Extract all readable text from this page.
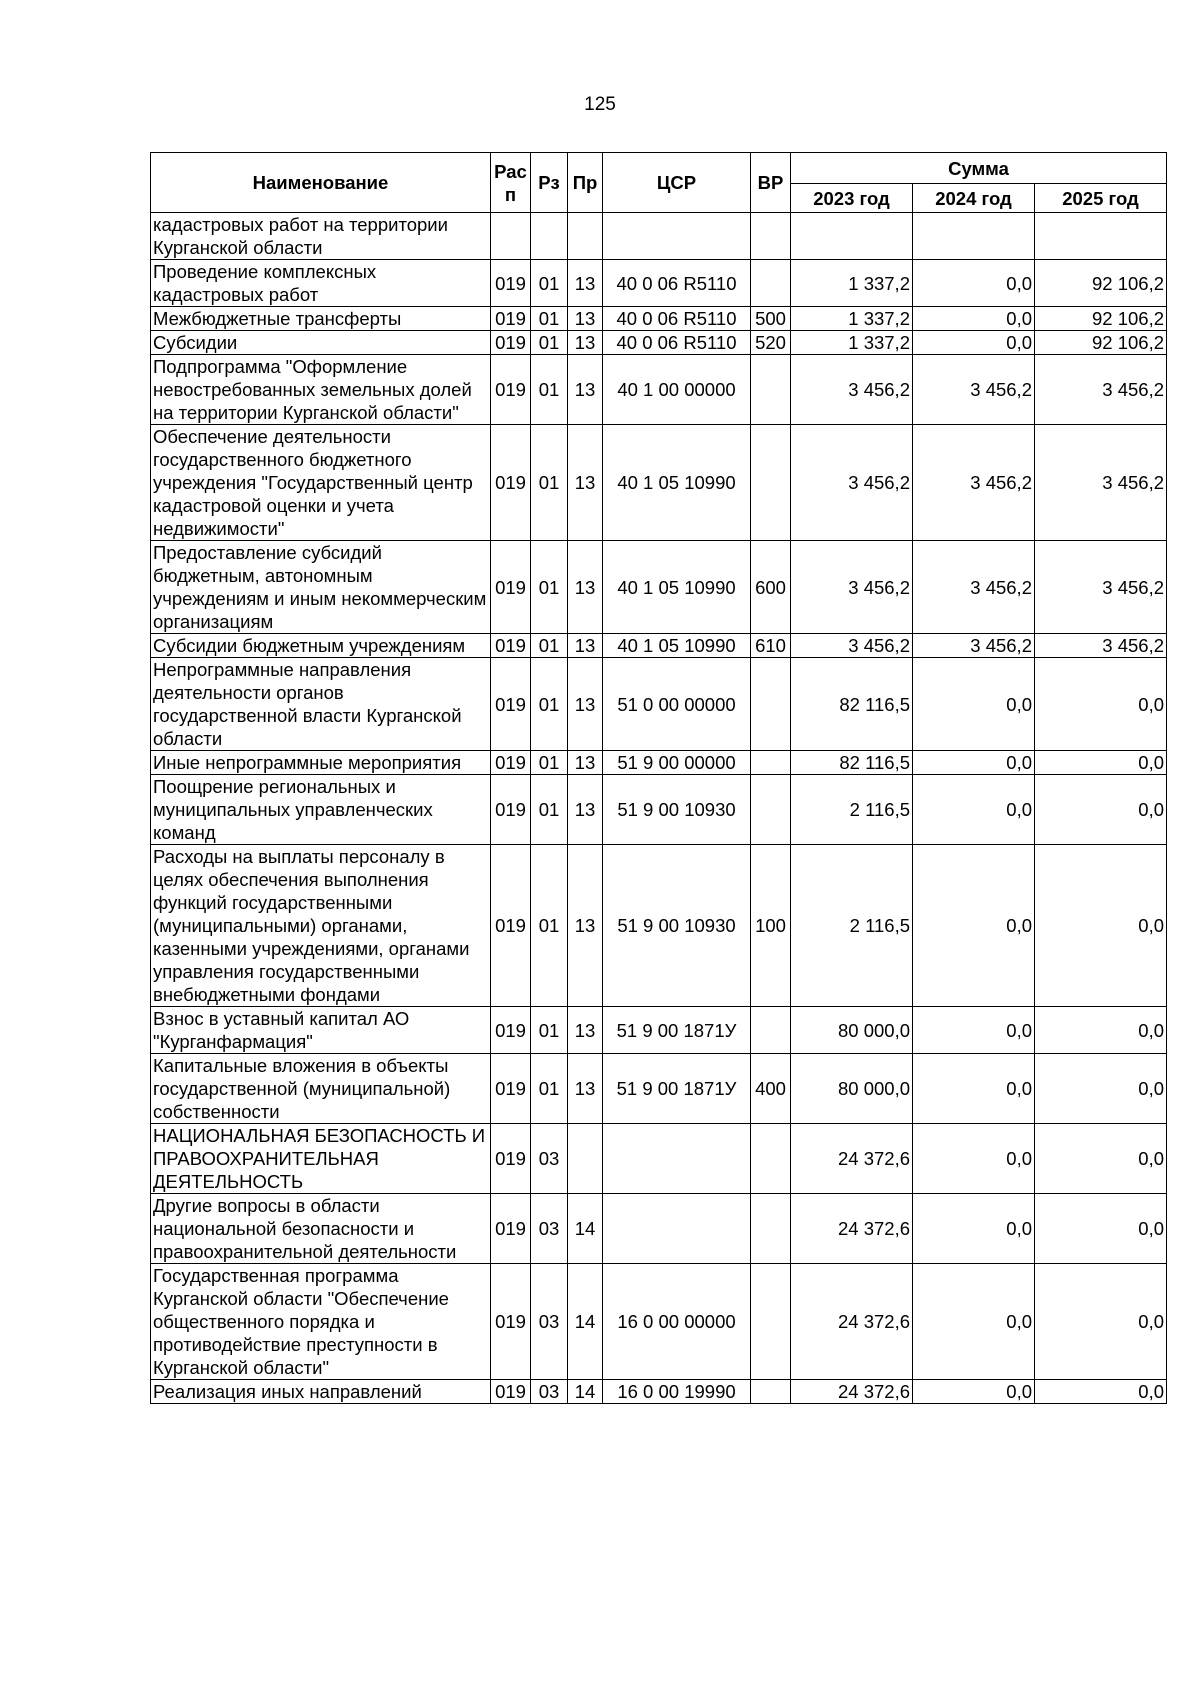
125
Наименование	Рас п	Рз	Пр	ЦСР	ВР	Сумма		
						2023 год	2024 год	2025 год
кадастровых работ на территории Курганской области								
Проведение комплексных кадастровых работ	019	01	13	40 0 06 R5110		1 337,2	0,0	92 106,2
Межбюджетные трансферты	019	01	13	40 0 06 R5110	500	1 337,2	0,0	92 106,2
Субсидии	019	01	13	40 0 06 R5110	520	1 337,2	0,0	92 106,2
Подпрограмма "Оформление невостребованных земельных долей на территории Курганской области"	019	01	13	40 1 00 00000		3 456,2	3 456,2	3 456,2
Обеспечение деятельности государственного бюджетного учреждения "Государственный центр кадастровой оценки и учета недвижимости"	019	01	13	40 1 05 10990		3 456,2	3 456,2	3 456,2
Предоставление субсидий бюджетным, автономным учреждениям и иным некоммерческим организациям	019	01	13	40 1 05 10990	600	3 456,2	3 456,2	3 456,2
Субсидии бюджетным учреждениям	019	01	13	40 1 05 10990	610	3 456,2	3 456,2	3 456,2
Непрограммные направления деятельности органов государственной власти Курганской области	019	01	13	51 0 00 00000		82 116,5	0,0	0,0
Иные непрограммные мероприятия	019	01	13	51 9 00 00000		82 116,5	0,0	0,0
Поощрение региональных и муниципальных управленческих команд	019	01	13	51 9 00 10930		2 116,5	0,0	0,0
Расходы на выплаты персоналу в целях обеспечения выполнения функций государственными (муниципальными) органами, казенными учреждениями, органами управления государственными внебюджетными фондами	019	01	13	51 9 00 10930	100	2 116,5	0,0	0,0
Взнос в уставный капитал АО "Курганфармация"	019	01	13	51 9 00 1871У		80 000,0	0,0	0,0
Капитальные вложения в объекты государственной (муниципальной) собственности	019	01	13	51 9 00 1871У	400	80 000,0	0,0	0,0
НАЦИОНАЛЬНАЯ БЕЗОПАСНОСТЬ И ПРАВООХРАНИТЕЛЬНАЯ ДЕЯТЕЛЬНОСТЬ	019	03				24 372,6	0,0	0,0
Другие вопросы в области национальной безопасности и правоохранительной деятельности	019	03	14			24 372,6	0,0	0,0
Государственная программа Курганской области "Обеспечение общественного порядка и противодействие преступности в Курганской области"	019	03	14	16 0 00 00000		24 372,6	0,0	0,0
Реализация иных направлений	019	03	14	16 0 00 19990		24 372,6	0,0	0,0
